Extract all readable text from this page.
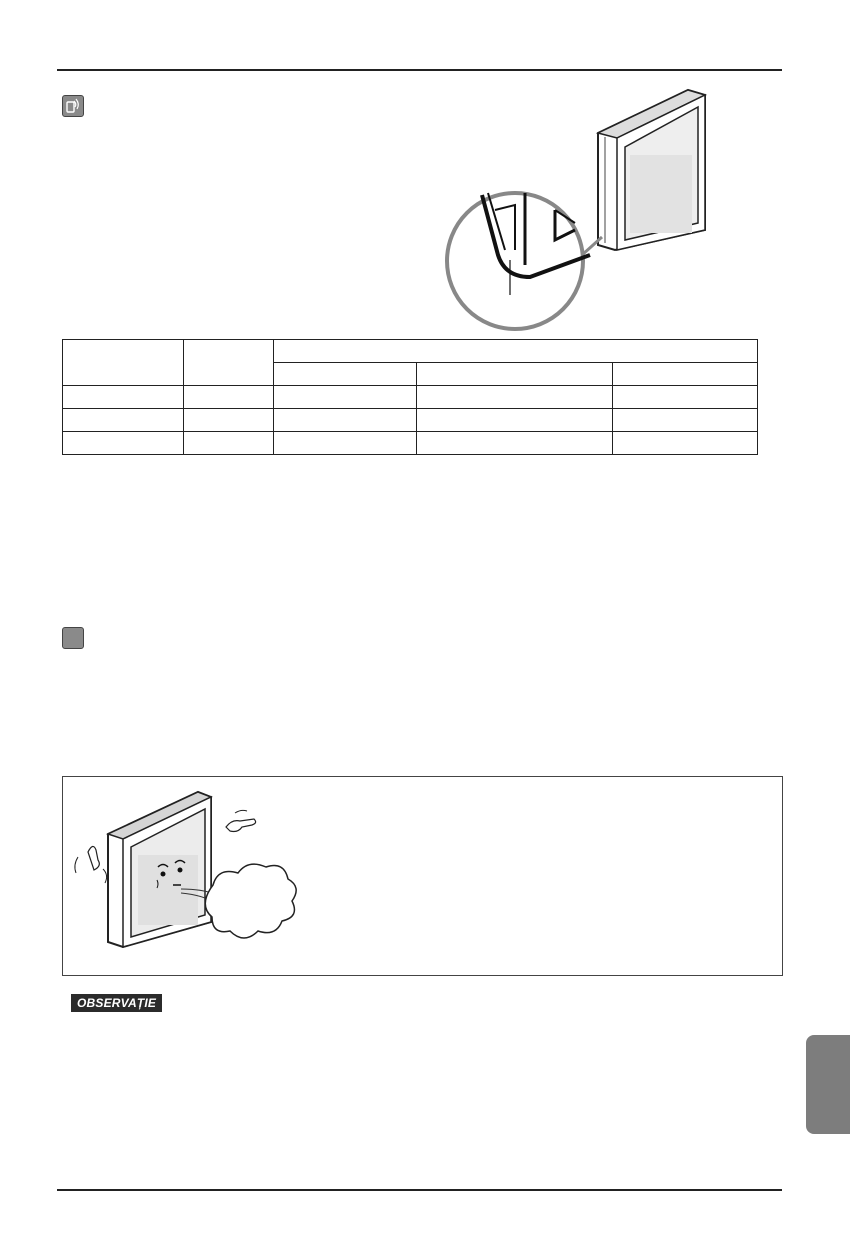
OBSERVAȚIE
